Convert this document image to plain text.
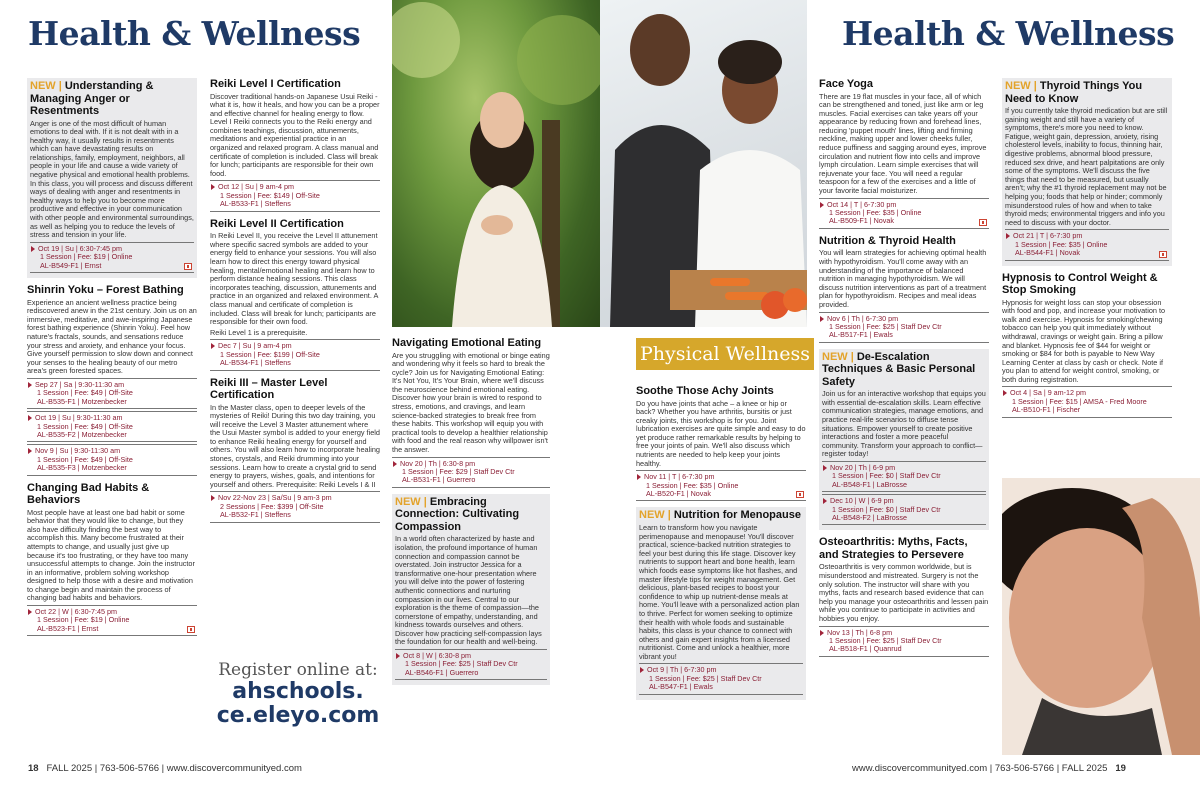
Health & Wellness	Health & Wellness
Physical Wellness
NEW | Understanding & Managing Anger or Resentments
Anger is one of the most difficult of human emotions to deal with. If it is not dealt with in a healthy way, it usually results in resentments which can have devastating results on relationships, family, employment, neighbors, all people in your life and cause a wide variety of negative physical and emotional health problems. In this class, you will process and discuss different ways of dealing with anger and resentments in healthy ways to help you to become more productive and effective in your communication with other people and environmental surroundings, as well as helping you to reduce the levels of stress and tension in your life.
Oct 19 | Su | 6:30-7:45 pm
1 Session | Fee: $19 | Online
AL-B549-F1 | Ernst
Shinrin Yoku – Forest Bathing
Experience an ancient wellness practice being rediscovered anew in the 21st century. Join us on an immersive, meditative, and awe-inspiring Japanese forest bathing experience (Shinrin Yoku). Feel how nature's fractals, sounds, and sensations reduce your stress and anxiety, and enhance your focus. Give yourself permission to slow down and connect your senses to the healing beauty of our metro area's green forested spaces.
Sep 27 | Sa | 9:30-11:30 am
1 Session | Fee: $49 | Off-Site
AL-B535-F1 | Motzenbecker
Oct 19 | Su | 9:30-11:30 am
1 Session | Fee: $49 | Off-Site
AL-B535-F2 | Motzenbecker
Nov 9 | Su | 9:30-11:30 am
1 Session | Fee: $49 | Off-Site
AL-B535-F3 | Motzenbecker
Changing Bad Habits & Behaviors
Most people have at least one bad habit or some behavior that they would like to change, but they also have difficulty finding the best way to accomplish this. Many become frustrated at their attempts to change, and usually just give up because it's too frustrating, or they have too many unsuccessful attempts to change. Join the instructor in an informative, problem solving workshop designed to help those with a desire and motivation to change begin and maintain the process of changing bad habits and behaviors.
Oct 22 | W | 6:30-7:45 pm
1 Session | Fee: $19 | Online
AL-B523-F1 | Ernst
Reiki Level I Certification
Discover traditional hands-on Japanese Usui Reiki - what it is, how it heals, and how you can be a proper and effective channel for healing energy to flow. Level I Reiki connects you to the Reiki energy and combines teachings, discussion, attunements, meditations and experiential practice in an organized and relaxed program. A class manual and certificate of completion is included. Class will break for lunch; participants are responsible for their own food.
Oct 12 | Su | 9 am-4 pm
1 Session | Fee: $149 | Off-Site
AL-B533-F1 | Steffens
Reiki Level II Certification
In Reiki Level II, you receive the Level II attunement where specific sacred symbols are added to your energy field to enhance your sessions. You will also learn how to direct this energy toward physical healing, mental/emotional healing and learn how to perform distance healing sessions. This class incorporates teaching, discussion, attunements and practice in an organized and relaxed environment. A class manual and certificate of completion is included. Class will break for lunch; participants are responsible for their own food.
Reiki Level 1 is a prerequisite.
Dec 7 | Su | 9 am-4 pm
1 Session | Fee: $199 | Off-Site
AL-B534-F1 | Steffens
Reiki III – Master Level Certification
In the Master class, open to deeper levels of the mysteries of Reiki! During this two day training, you will receive the Level 3 Master attunement where the Usui Master symbol is added to your energy field to enhance Reiki healing energy for yourself and others. You will also learn how to incorporate healing stones, crystals, and Reiki drumming into your sessions. Learn how to create a crystal grid to send energy to prayers, wishes, goals, and intentions for yourself and others. Prerequisite: Reiki Levels I & II
Nov 22-Nov 23 | Sa/Su | 9 am-3 pm
2 Sessions | Fee: $399 | Off-Site
AL-B532-F1 | Steffens
Navigating Emotional Eating
Are you struggling with emotional or binge eating and wondering why it feels so hard to break the cycle? Join us for Navigating Emotional Eating: It's Not You, It's Your Brain, where we'll discuss the neuroscience behind emotional eating. Discover how your brain is wired to respond to stress, emotions, and cravings, and learn science-backed strategies to break free from these habits. This workshop will equip you with practical tools to develop a healthier relationship with food and the real reason why willpower isn't the answer.
Nov 20 | Th | 6:30-8 pm
1 Session | Fee: $29 | Staff Dev Ctr
AL-B531-F1 | Guerrero
NEW | Embracing Connection: Cultivating Compassion
In a world often characterized by haste and isolation, the profound importance of human connection and compassion cannot be overstated. Join instructor Jessica for a transformative one-hour presentation where you will delve into the power of fostering authentic connections and nurturing compassion in our lives. Central to our exploration is the theme of compassion—the cornerstone of empathy, understanding, and kindness towards ourselves and others. Discover how practicing self-compassion lays the foundation for our health and well-being.
Oct 8 | W | 6:30-8 pm
1 Session | Fee: $25 | Staff Dev Ctr
AL-B546-F1 | Guerrero
Soothe Those Achy Joints
Do you have joints that ache – a knee or hip or back? Whether you have arthritis, bursitis or just creaky joints, this workshop is for you. Joint lubrication exercises are quite simple and easy to do yet produce rather remarkable results by helping to free your joints of pain. We'll also discuss which nutrients are needed to help keep your joints healthy.
Nov 11 | T | 6-7:30 pm
1 Session | Fee: $35 | Online
AL-B520-F1 | Novak
NEW | Nutrition for Menopause
Learn to transform how you navigate perimenopause and menopause! You'll discover practical, science-backed nutrition strategies to feel your best during this life stage. Discover key nutrients to support heart and bone health, learn which foods ease symptoms like hot flashes, and master lifestyle tips for weight management. Get delicious, plant-based recipes to boost your confidence to whip up nutrient-dense meals at home. You'll leave with a personalized action plan to thrive. Perfect for women seeking to optimize their health with whole foods and sustainable habits, this class is your chance to connect with others and gain expert insights from a licensed nutritionist. Come and unlock a healthier, more vibrant you!
Oct 9 | Th | 6-7:30 pm
1 Session | Fee: $25 | Staff Dev Ctr
AL-B547-F1 | Ewals
Face Yoga
There are 19 flat muscles in your face, all of which can be strengthened and toned, just like arm or leg muscles. Facial exercises can take years off your appearance by reducing frown and forehead lines, reducing 'puppet mouth' lines, lifting and firming neckline, making upper and lower cheeks fuller, reduce puffiness and sagging around eyes, improve circulation and nutrient flow into cells and improve lymph circulation. Learn simple exercises that will rejuvenate your face. You will need a regular teaspoon for a few of the exercises and a little of your favorite facial moisturizer.
Oct 14 | T | 6-7:30 pm
1 Session | Fee: $35 | Online
AL-B509-F1 | Novak
Nutrition & Thyroid Health
You will learn strategies for achieving optimal health with hypothyroidism. You'll come away with an understanding of the importance of balanced nutrition in managing hypothyroidism. We will discuss nutrition interventions as part of a treatment plan for hypothyroidism. Recipes and meal ideas provided.
Nov 6 | Th | 6-7:30 pm
1 Session | Fee: $25 | Staff Dev Ctr
AL-B517-F1 | Ewals
NEW | De-Escalation Techniques & Basic Personal Safety
Join us for an interactive workshop that equips you with essential de-escalation skills. Learn effective communication strategies, manage emotions, and practice real-life scenarios to diffuse tense situations. Empower yourself to create positive interactions and foster a more peaceful community. Transform your approach to conflict—register today!
Nov 20 | Th | 6-9 pm
1 Session | Fee: $0 | Staff Dev Ctr
AL-B548-F1 | LaBrosse
Dec 10 | W | 6-9 pm
1 Session | Fee: $0 | Staff Dev Ctr
AL-B548-F2 | LaBrosse
Osteoarthritis: Myths, Facts, and Strategies to Persevere
Osteoarthritis is very common worldwide, but is misunderstood and mistreated. Surgery is not the only solution. The instructor will share with you myths, facts and research based evidence that can help you manage your osteoarthritis and lessen pain while you continue to participate in activities and hobbies you enjoy.
Nov 13 | Th | 6-8 pm
1 Session | Fee: $25 | Staff Dev Ctr
AL-B518-F1 | Quanrud
NEW | Thyroid Things You Need to Know
If you currently take thyroid medication but are still gaining weight and still have a variety of symptoms, there's more you need to know. Fatigue, weight gain, depression, anxiety, rising cholesterol levels, inability to focus, thinning hair, digestive problems, abnormal blood pressure, reduced sex drive, and heart palpitations are only some of the symptoms. We'll discuss the five things that need to be measured, but usually aren't; why the #1 thyroid replacement may not be helping you; foods that help or hinder; commonly misunderstood rules of how and when to take thyroid meds; environmental triggers and info you need to discuss with your doctor.
Oct 21 | T | 6-7:30 pm
1 Session | Fee: $35 | Online
AL-B544-F1 | Novak
Hypnosis to Control Weight & Stop Smoking
Hypnosis for weight loss can stop your obsession with food and pop, and increase your motivation to walk and exercise. Hypnosis for smoking/chewing tobacco can help you quit immediately without withdrawal, cravings or weight gain. Bring a pillow and blanket. Hypnosis fee of $44 for weight or smoking or $84 for both is payable to New Way Learning Center at class by cash or check. Note if you plan to attend for weight control, smoking, or both during registration.
Oct 4 | Sa | 9 am-12 pm
1 Session | Fee: $15 | AMSA - Fred Moore
AL-B510-F1 | Fischer
Register online at:
ahschools.
ce.eleyo.com
18 FALL 2025 | 763-506-5766 | www.discovercommunityed.com	www.discovercommunityed.com | 763-506-5766 | FALL 2025 19
